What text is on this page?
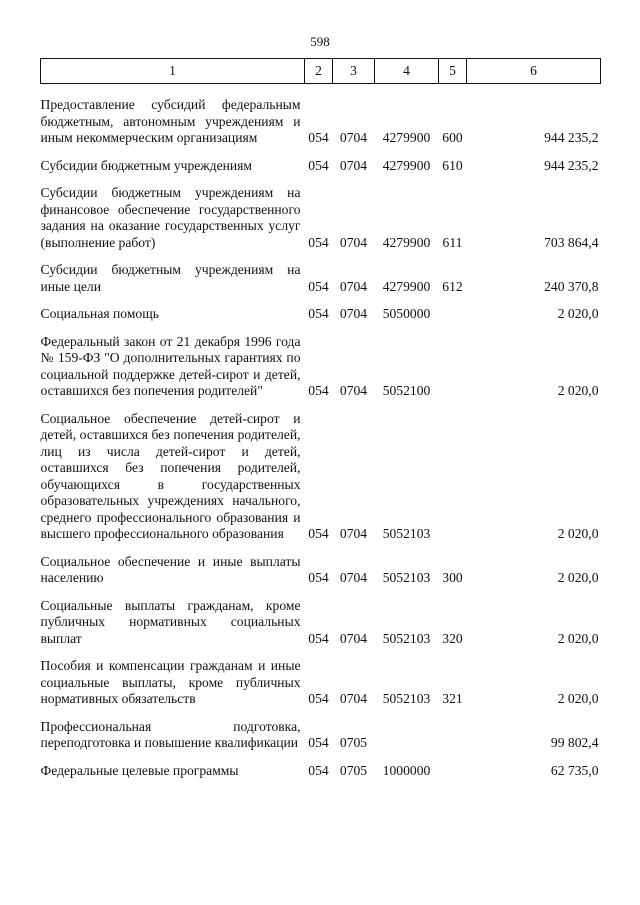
598
1	2	3	4	5	6
Предоставление субсидий федеральным бюджетным, автономным учреждениям и иным некоммерческим организациям	054	0704	4279900	600	944 235,2
Субсидии бюджетным учреждениям	054	0704	4279900	610	944 235,2
Субсидии бюджетным учреждениям на финансовое обеспечение государственного задания на оказание государственных услуг (выполнение работ)	054	0704	4279900	611	703 864,4
Субсидии бюджетным учреждениям на иные цели	054	0704	4279900	612	240 370,8
Социальная помощь	054	0704	5050000		2 020,0
Федеральный закон от 21 декабря 1996 года № 159-ФЗ "О дополнительных гарантиях по социальной поддержке детей-сирот и детей, оставшихся без попечения родителей"	054	0704	5052100		2 020,0
Социальное обеспечение детей-сирот и детей, оставшихся без попечения родителей, лиц из числа детей-сирот и детей, оставшихся без попечения родителей, обучающихся в государственных образовательных учреждениях начального, среднего профессионального образования и высшего профессионального образования	054	0704	5052103		2 020,0
Социальное обеспечение и иные выплаты населению	054	0704	5052103	300	2 020,0
Социальные выплаты гражданам, кроме публичных нормативных социальных выплат	054	0704	5052103	320	2 020,0
Пособия и компенсации гражданам и иные социальные выплаты, кроме публичных нормативных обязательств	054	0704	5052103	321	2 020,0
Профессиональная подготовка, переподготовка и повышение квалификации	054	0705			99 802,4
Федеральные целевые программы	054	0705	1000000		62 735,0
